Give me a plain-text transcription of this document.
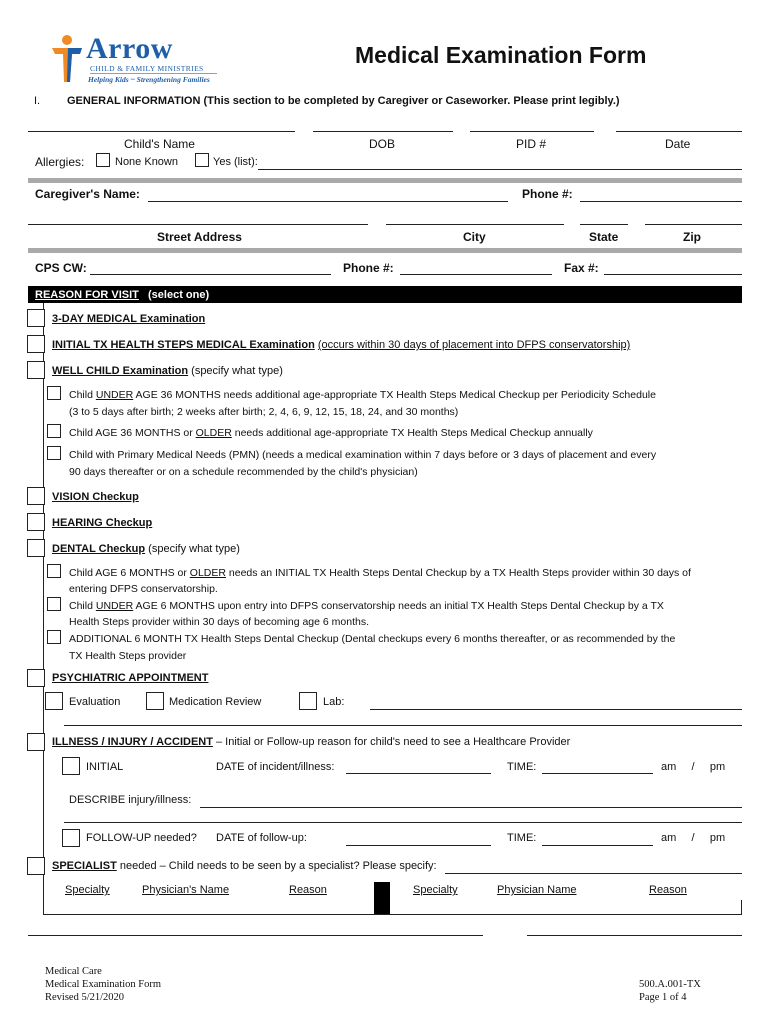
Arrow
CHILD & FAMILY MINISTRIES
Helping Kids ~ Strengthening Families
Medical Examination Form
I. GENERAL INFORMATION (This section to be completed by Caregiver or Caseworker. Please print legibly.)
Child's Name	DOB	PID #	Date
Allergies:	None Known	Yes (list):
Caregiver's Name:	Phone #:
Street Address	City	State	Zip
CPS CW:	Phone #:	Fax #:
REASON FOR VISIT (select one)
3-DAY MEDICAL Examination
INITIAL TX HEALTH STEPS MEDICAL Examination (occurs within 30 days of placement into DFPS conservatorship)
WELL CHILD Examination (specify what type)
Child UNDER AGE 36 MONTHS needs additional age-appropriate TX Health Steps Medical Checkup per Periodicity Schedule
(3 to 5 days after birth; 2 weeks after birth; 2, 4, 6, 9, 12, 15, 18, 24, and 30 months)
Child AGE 36 MONTHS or OLDER needs additional age-appropriate TX Health Steps Medical Checkup annually
Child with Primary Medical Needs (PMN) (needs a medical examination within 7 days before or 3 days of placement and every
90 days thereafter or on a schedule recommended by the child's physician)
VISION Checkup
HEARING Checkup
DENTAL Checkup (specify what type)
Child AGE 6 MONTHS or OLDER needs an INITIAL TX Health Steps Dental Checkup by a TX Health Steps provider within 30 days of
entering DFPS conservatorship.
Child UNDER AGE 6 MONTHS upon entry into DFPS conservatorship needs an initial TX Health Steps Dental Checkup by a TX
Health Steps provider within 30 days of becoming age 6 months.
ADDITIONAL 6 MONTH TX Health Steps Dental Checkup (Dental checkups every 6 months thereafter, or as recommended by the
TX Health Steps provider
PSYCHIATRIC APPOINTMENT
Evaluation	Medication Review	Lab:
ILLNESS / INJURY / ACCIDENT – Initial or Follow-up reason for child's need to see a Healthcare Provider
INITIAL	DATE of incident/illness:	TIME:	am     /     pm
DESCRIBE injury/illness:
FOLLOW-UP needed? DATE of follow-up:	TIME:	am     /     pm
SPECIALIST needed – Child needs to be seen by a specialist? Please specify:
Specialty	Physician's Name	Reason	Specialty	Physician Name	Reason
Medical Care
Medical Examination Form
Revised 5/21/2020
500.A.001-TX
Page 1 of 4
